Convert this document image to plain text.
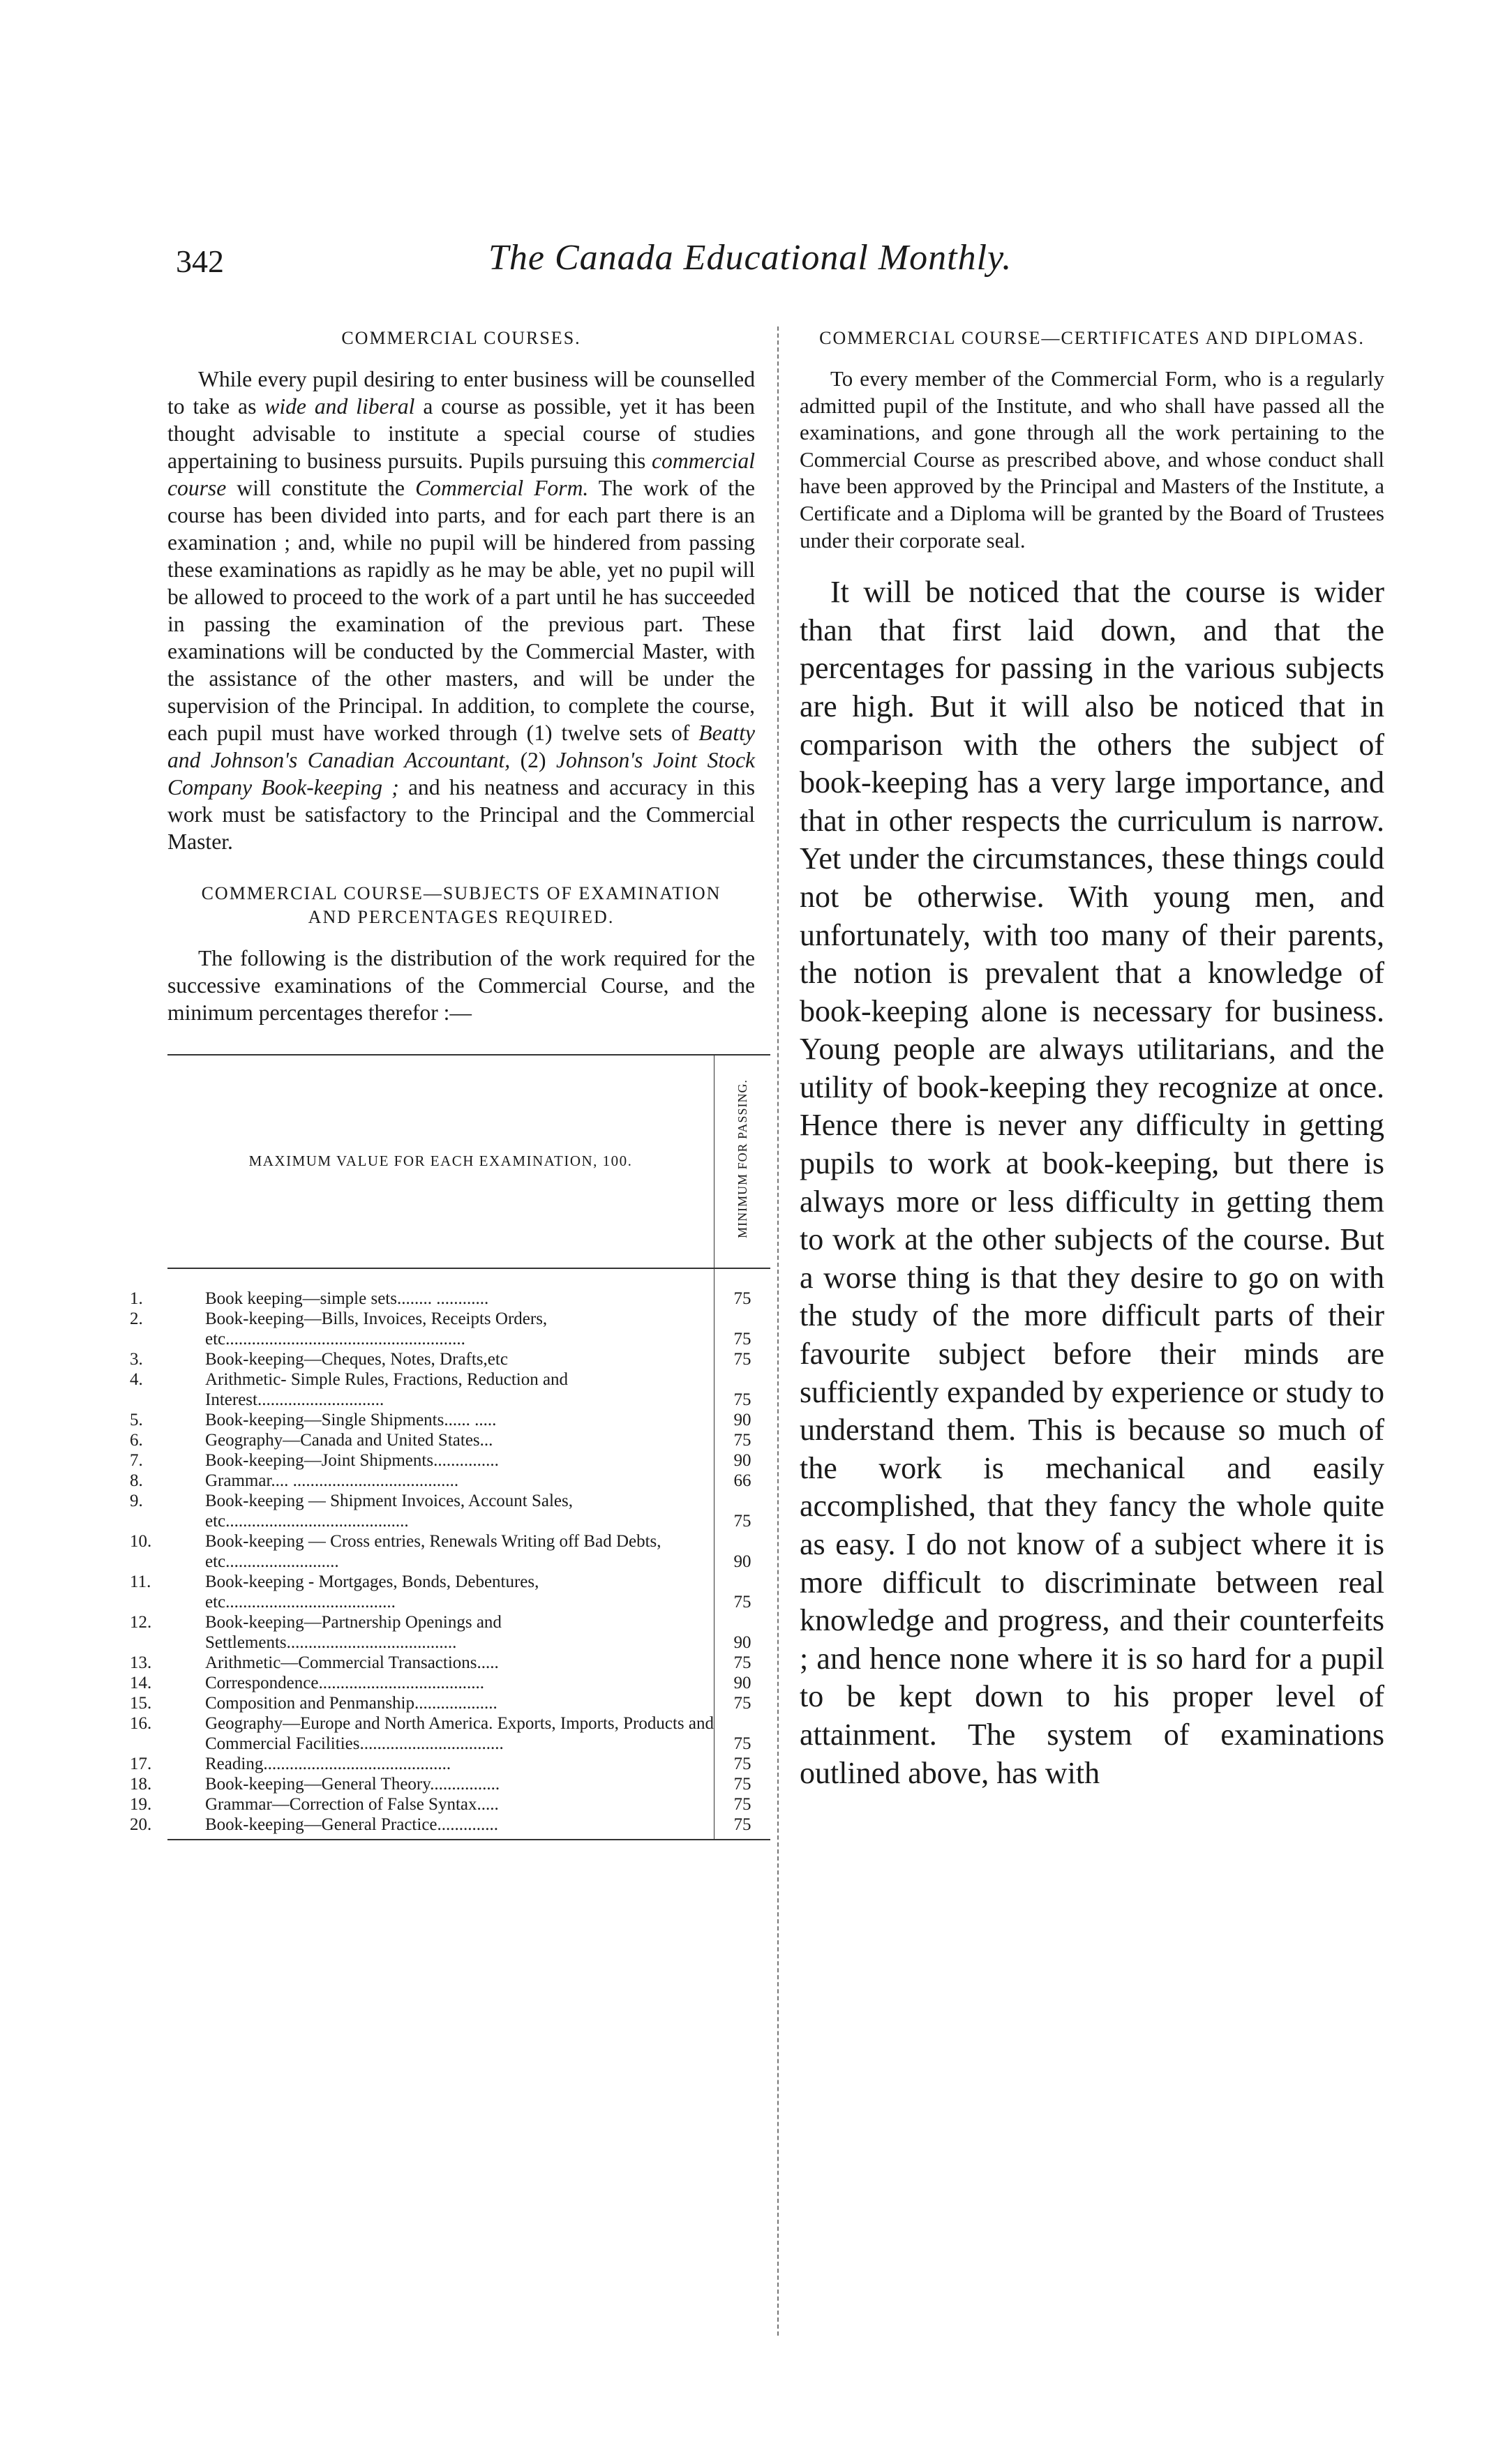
342	The Canada Educational Monthly.
COMMERCIAL COURSES.

While every pupil desiring to enter business will be counselled to take as wide and liberal a course as possible, yet it has been thought advisable to institute a special course of studies appertaining to business pursuits. Pupils pursuing this commercial course will constitute the Commercial Form. The work of the course has been divided into parts, and for each part there is an examination ; and, while no pupil will be hindered from passing these examinations as rapidly as he may be able, yet no pupil will be allowed to proceed to the work of a part until he has succeeded in passing the examination of the previous part. These examinations will be conducted by the Commercial Master, with the assistance of the other masters, and will be under the supervision of the Principal. In addition, to complete the course, each pupil must have worked through (1) twelve sets of Beatty and Johnson's Canadian Accountant, (2) Johnson's Joint Stock Company Book-keeping ; and his neatness and accuracy in this work must be satisfactory to the Principal and the Commercial Master.

COMMERCIAL COURSE—SUBJECTS OF EXAMINATION AND PERCENTAGES REQUIRED.

The following is the distribution of the work required for the successive examinations of the Commercial Course, and the minimum percentages therefor :—

MAXIMUM VALUE FOR EACH EXAMINATION, 100.	MINIMUM FOR PASSING.

1. Book keeping—simple sets........ ............	75

2. Book-keeping—Bills, Invoices, Receipts Orders, etc.......................................................	75

3. Book-keeping—Cheques, Notes, Drafts,etc	75

4. Arithmetic- Simple Rules, Fractions, Reduction and Interest.............................	75

5. Book-keeping—Single Shipments...... .....	90

6. Geography—Canada and United States...	75

7. Book-keeping—Joint Shipments...............	90

8. Grammar.... ......................................	66

9. Book-keeping — Shipment Invoices, Account Sales, etc..........................................	75

10. Book-keeping — Cross entries, Renewals Writing off Bad Debts, etc..........................	90

11. Book-keeping - Mortgages, Bonds, Debentures, etc.......................................	75

12. Book-keeping—Partnership Openings and Settlements.......................................	90

13. Arithmetic—Commercial Transactions.....	75

14. Correspondence......................................	90

15. Composition and Penmanship...................	75

16. Geography—Europe and North America. Exports, Imports, Products and Commercial Facilities.................................	75

17. Reading...........................................	75

18. Book-keeping—General Theory................	75

19. Grammar—Correction of False Syntax.....	75

20. Book-keeping—General Practice..............	75

COMMERCIAL COURSE—CERTIFICATES AND DIPLOMAS.

To every member of the Commercial Form, who is a regularly admitted pupil of the Institute, and who shall have passed all the examinations, and gone through all the work pertaining to the Commercial Course as prescribed above, and whose conduct shall have been approved by the Principal and Masters of the Institute, a Certificate and a Diploma will be granted by the Board of Trustees under their corporate seal.

It will be noticed that the course is wider than that first laid down, and that the percentages for passing in the various subjects are high. But it will also be noticed that in comparison with the others the subject of book-keeping has a very large importance, and that in other respects the curriculum is narrow. Yet under the circumstances, these things could not be otherwise. With young men, and unfortunately, with too many of their parents, the notion is prevalent that a knowledge of book-keeping alone is necessary for business. Young people are always utilitarians, and the utility of book-keeping they recognize at once. Hence there is never any difficulty in getting pupils to work at book-keeping, but there is always more or less difficulty in getting them to work at the other subjects of the course. But a worse thing is that they desire to go on with the study of the more difficult parts of their favourite subject before their minds are sufficiently expanded by experience or study to understand them. This is because so much of the work is mechanical and easily accomplished, that they fancy the whole quite as easy. I do not know of a subject where it is more difficult to discriminate between real knowledge and progress, and their counterfeits ; and hence none where it is so hard for a pupil to be kept down to his proper level of attainment. The system of examinations outlined above, has with
